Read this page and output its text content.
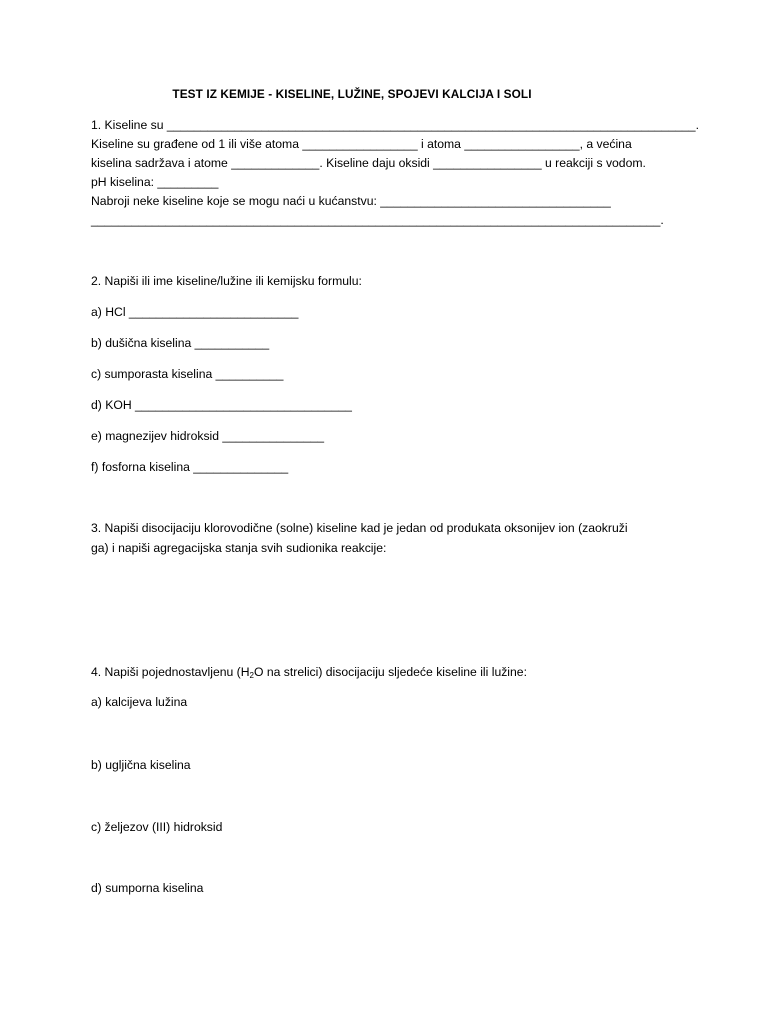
TEST IZ KEMIJE - KISELINE, LUŽINE, SPOJEVI KALCIJA I SOLI
1. Kiseline su ______________________________________________________________________________.
Kiseline su građene od 1 ili više atoma _________________ i atoma _________________, a većina
kiselina sadržava i atome _____________. Kiseline daju oksidi ________________ u reakciji s vodom.
pH kiselina: _________
Nabroji neke kiseline koje se mogu naći u kućanstvu: __________________________________
____________________________________________________________________________________.
2. Napiši ili ime kiseline/lužine ili kemijsku formulu:
a) HCl _________________________
b) dušična kiselina ___________
c) sumporasta kiselina __________
d) KOH ________________________________
e) magnezijev hidroksid _______________
f) fosforna kiselina ______________
3. Napiši disocijaciju klorovodične (solne) kiseline kad je jedan od produkata oksonijev ion (zaokruži
ga) i napiši agregacijska stanja svih sudionika reakcije:
4. Napiši pojednostavljenu ($H_2O$ na strelici) disocijaciju sljedeće kiseline ili lužine:
a) kalcijeva lužina
b) ugljična kiselina
c) željezov (III) hidroksid
d) sumporna kiselina
